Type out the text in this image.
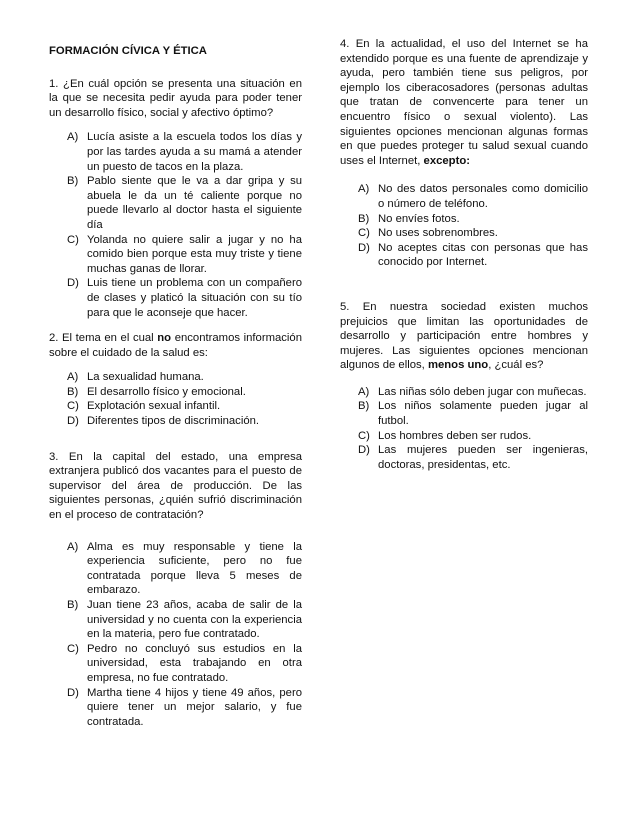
FORMACIÓN CÍVICA Y ÉTICA

1. ¿En cuál opción se presenta una situación en la que se necesita pedir ayuda para poder tener un desarrollo físico, social y afectivo óptimo?

A) Lucía asiste a la escuela todos los días y por las tardes ayuda a su mamá a atender un puesto de tacos en la plaza.
B) Pablo siente que le va a dar gripa y su abuela le da un té caliente porque no puede llevarlo al doctor hasta el siguiente día
C) Yolanda no quiere salir a jugar y no ha comido bien porque esta muy triste y tiene muchas ganas de llorar.
D) Luis tiene un problema con un compañero de clases y platicó la situación con su tío para que le aconseje que hacer.

2. El tema en el cual no encontramos información sobre el cuidado de la salud es:

A) La sexualidad humana.
B) El desarrollo físico y emocional.
C) Explotación sexual infantil.
D) Diferentes tipos de discriminación.

3. En la capital del estado, una empresa extranjera publicó dos vacantes para el puesto de supervisor del área de producción. De las siguientes personas, ¿quién sufrió discriminación en el proceso de contratación?

A) Alma es muy responsable y tiene la experiencia suficiente, pero no fue contratada porque lleva 5 meses de embarazo.
B) Juan tiene 23 años, acaba de salir de la universidad y no cuenta con la experiencia en la materia, pero fue contratado.
C) Pedro no concluyó sus estudios en la universidad, esta trabajando en otra empresa, no fue contratado.
D) Martha tiene 4 hijos y tiene 49 años, pero quiere tener un mejor salario, y fue contratada.

4. En la actualidad, el uso del Internet se ha extendido porque es una fuente de aprendizaje y ayuda, pero también tiene sus peligros, por ejemplo los ciberacosadores (personas adultas que tratan de convencerte para tener un encuentro físico o sexual violento). Las siguientes opciones mencionan algunas formas en que puedes proteger tu salud sexual cuando uses el Internet, excepto:

A) No des datos personales como domicilio o número de teléfono.
B) No envíes fotos.
C) No uses sobrenombres.
D) No aceptes citas con personas que has conocido por Internet.

5. En nuestra sociedad existen muchos prejuicios que limitan las oportunidades de desarrollo y participación entre hombres y mujeres. Las siguientes opciones mencionan algunos de ellos, menos uno, ¿cuál es?

A) Las niñas sólo deben jugar con muñecas.
B) Los niños solamente pueden jugar al futbol.
C) Los hombres deben ser rudos.
D) Las mujeres pueden ser ingenieras, doctoras, presidentas, etc.
